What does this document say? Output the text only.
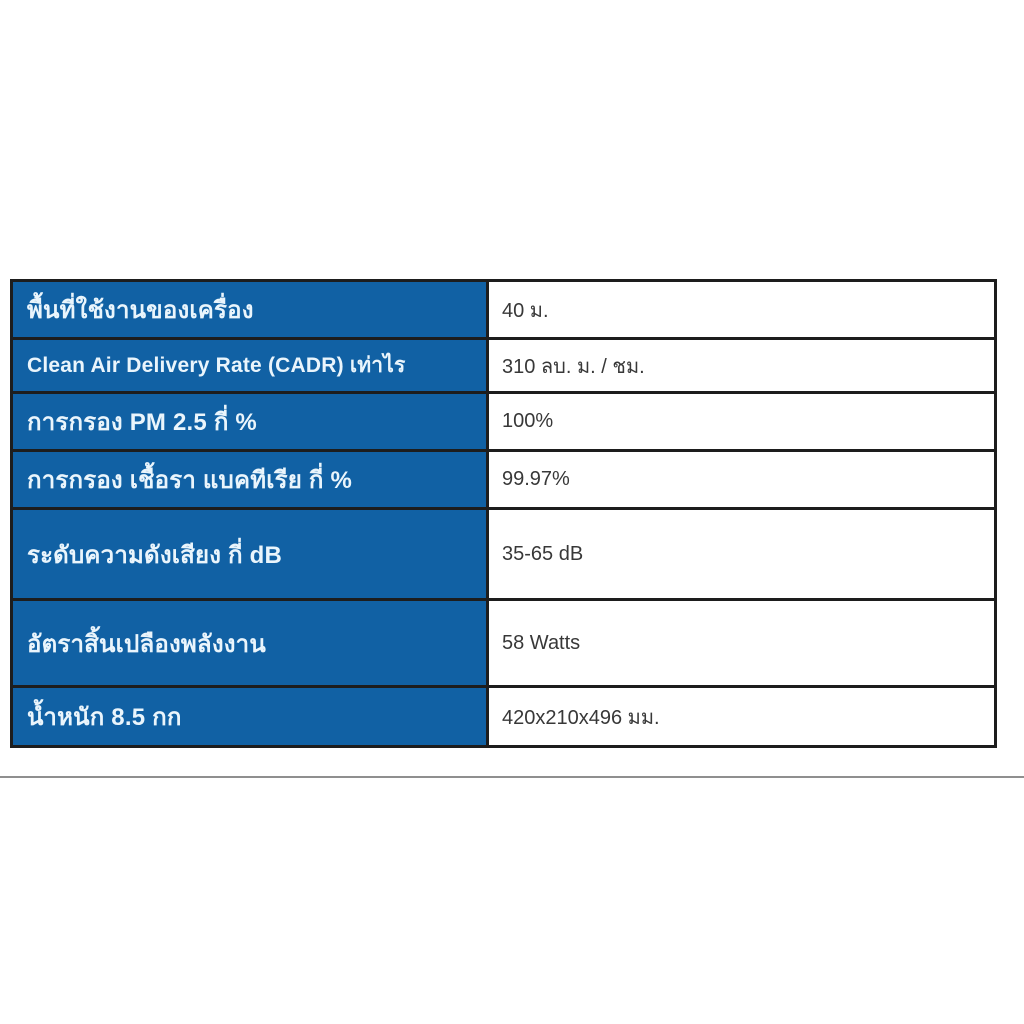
พื้นที่ใช้งานของเครื่อง	40 ม.
Clean Air Delivery Rate (CADR) เท่าไร	310 ลบ. ม. / ชม.
การกรอง PM 2.5 กี่ %	100%
การกรอง เชื้อรา แบคทีเรีย กี่ %	99.97%
ระดับความดังเสียง กี่ dB	35-65 dB
อัตราสิ้นเปลืองพลังงาน	58 Watts
น้ำหนัก 8.5 กก	420x210x496 มม.
